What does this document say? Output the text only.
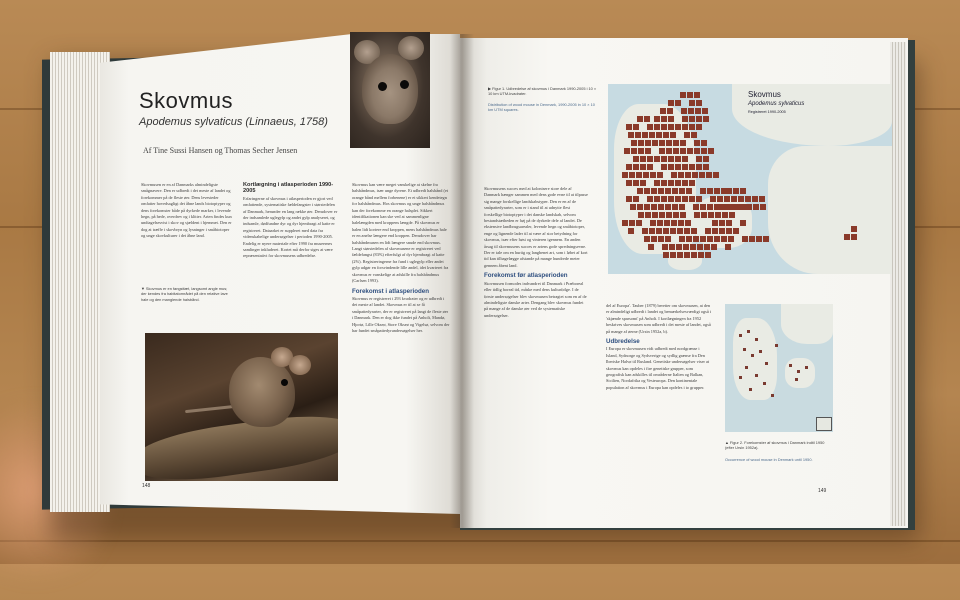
Skovmus
Apodemus sylvaticus (Linnaeus, 1758)
Af Tine Sussi Hansen og Thomas Secher Jensen

Skovmusen er en af Danmarks almindeligste smågnavere. Den er udbredt i det meste af landet og forekommer på de fleste øer. Dens levesteder omfatter hovedsagligt det åbne lands biotoptyper og dens forekomster både på dyrkede marker, i levende hegn, på hede, overdrev og i klitter. Arten findes kun undtagelsesvist i skov og sjældent i hjemmet. Den er dog at træffe i skovbryn og lysninger i småbiotoper og unge skovkulturer i det åbne land.

▼ Skovmus er en fangsttæt, langsomt angle mus; der kendes fra habitatområdet på den relative lave hale og den manglende halsbånd.
Kortlægning i atlasperioden 1990-2005

Erfaringerne af skovmus i atlasperioden er gjort ved omfattende, systematiske fældefangster i størstedelen af Danmark, herunder en lang række øer. Derudover er der indsamlede uglegylp og andet gylp analyseret, og indsamle, dødfundne dyr og dyr hjembragt af katte er registreret. Dataarket er suppleret med data fra videnskabelige undersøgelser i perioden 1990-2005. Endelig er nyere materiale efter 1990 fra museernes samlinger inkluderet. Kortet må derfor siges at være repræsentativt for skovmusens udbredelse.

Skovmus kan være meget vanskelige at skelne fra halsbåndmus, især unge dyrene. Et udbredt halsbånd (et orange bånd mellem forbenene) er et sikkert kendetegn for halsbåndmus. Hos skovmus og unge halsbåndmus kan der forekomme en orange halsplet. Sikkert identifikationen kan ske ved at sammenligne halelængden med kroppens længde. På skovmus er halen lidt kortere end kroppen, mens halsbåndmus hale er en anelse længere end kroppen. Derudover har halsbåndmusen en lidt længere snude end skovmus. Langt størstedelen af skovmusene er registreret ved fældefangst (83%) efterfulgt af dyr hjembragt af katte (2%). Registreringerne fra fund i uglegylp eller andet gylp udgør en forsvindende lille andel, idet kvarteret fra skovmus er vanskelige at adskille fra halsbåndmus (Carlsen 1993).

Forekomst i atlasperioden

Skovmus er registreret i 293 kvadrater og er udbredt i det meste af landet. Skovmus er til at se få småpattedyrarter, der er registreret på langt de fleste øer i Danmark. Den er dog ikke fundet på Anholt, Mandø, Hjortø, Lille Okseø, Store Okseø og Vigelsø, selvom der har fundet småpattedyrundersøgelser her.

148
▶ Figur 1. Udbredelse af skovmus i Danmark 1990-2005 i 10 × 10 km UTM-kvadrater.
Distribution of wood mouse in Denmark, 1990-2005 in 10 × 10 km UTM squares.
Skovmus
Apodemus sylvaticus
Registreret 1990-2005

Skovmusens succes med at kolonisere store dele af Danmark hænger sammen med dens gode evne til at tilpasse sig mange forskellige landskabstyper. Den er en af de småpattedyrarter, som er i stand til at udnytte flest forskellige biotoptyper i det danske landskab, selvom bestandstætheden er høj på de dyrkede dele af landet. De ekstensive landbrugsarealer, levende hegn og småbiotoper, enge og lignende lader til at være af stor betydning for skovmus, især efter høst og vinteren igennem. En anden årsag til skovmusens succes er artens gode spredningsevne. Der er tale om en hurtig og langbenet art, som i løbet af kort tid kan tilbagelægge afstande på mange hundrede meter gennem åbent land.

Forekomst før atlasperioden

Skovmusen formodes indvandret til Danmark i Præboreal eller tidlig boreal tid, måske med dens kulturfølge. I de første undersøgelser blev skovmusen betragtet som en af de almindeligste danske arter. Dengang blev skovmus fundet på mange af de danske øer ved de systematiske undersøgelser.

del af Europa'. Tauber (1879) beretter om skovmusen, at den er almindeligt udbredt i landet og bemærkelsesværdigt også i 'skjænde sparsomt' på Anholt. I kortlægningen fra 1952 beskrives skovmusen som udbredt i det meste af landet, også på mange af øerne (Ursin 1952a, b).

Udbredelse

I Europa er skovmusen vidt udbredt med nordgrænse i Island, Sydnorge og Sydsverige og sydlig grænse fra Den Iberiske Halvø til Rusland. Genetiske undersøgelser viser at skovmus kan opdeles i fire genetiske grupper, som geografisk kan adskilles til områderne Italien og Balkan, Sicilien, Nordafrika og Vesteuropa. Den kontinentale population af skovmus i Europa kan opdeles i to grupper.

▲ Figur 2. Forekomster af skovmus i Danmark indtil 1950 (efter Ursin 1952a).
Occurrence of wood mouse in Denmark until 1950.
149
